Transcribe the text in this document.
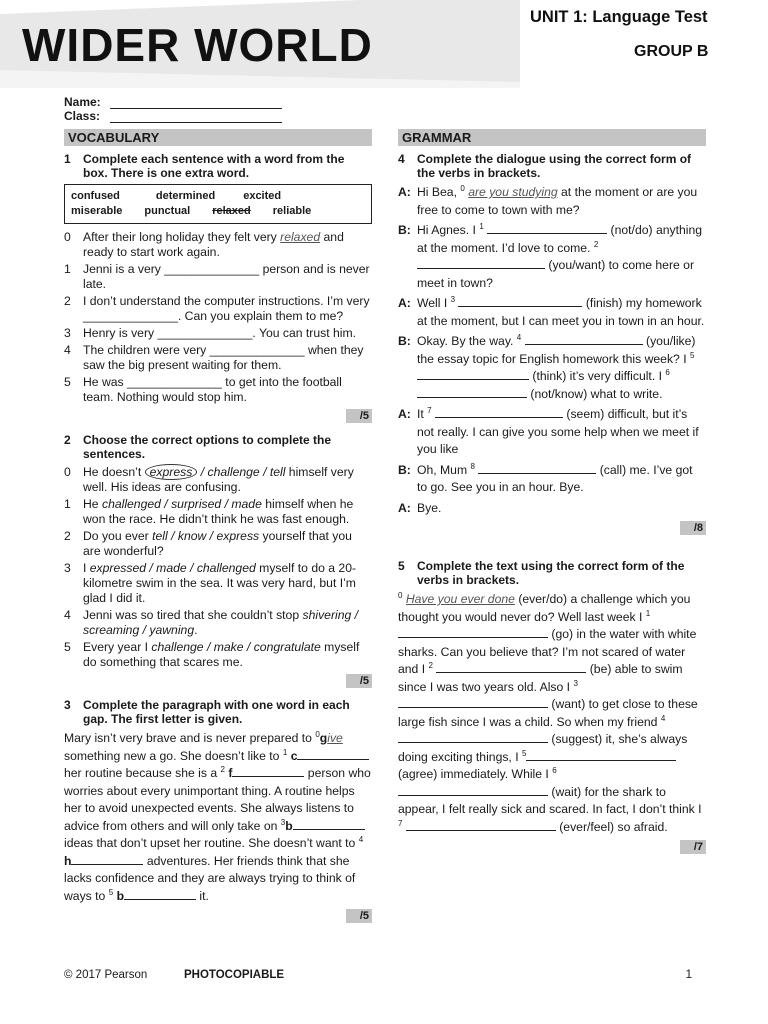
WIDER WORLD
UNIT 1: Language Test
GROUP B
Name:
Class:
VOCABULARY
1	Complete each sentence with a word from the box. There is one extra word.
confused	determined	excited
miserable punctual relaxed reliable
0	After their long holiday they felt very relaxed and ready to start work again.
1	Jenni is a very ______________ person and is never late.
2	I don’t understand the computer instructions. I’m very ______________. Can you explain them to me?
3	Henry is very ______________. You can trust him.
4	The children were very ______________ when they saw the big present waiting for them.
5	He was ______________ to get into the football team. Nothing would stop him.
/5
2	Choose the correct options to complete the sentences.
0	He doesn’t express / challenge / tell himself very well. His ideas are confusing.
1	He challenged / surprised / made himself when he won the race. He didn’t think he was fast enough.
2	Do you ever tell / know / express yourself that you are wonderful?
3	I expressed / made / challenged myself to do a 20-kilometre swim in the sea. It was very hard, but I’m glad I did it.
4	Jenni was so tired that she couldn’t stop shivering / screaming / yawning.
5	Every year I challenge / make / congratulate myself do something that scares me.
/5
3	Complete the paragraph with one word in each gap. The first letter is given.
Mary isn’t very brave and is never prepared to $^0$give something new a go. She doesn’t like to $^1$ c her routine because she is a $^2$ f	person who worries about every unimportant thing. A routine helps her to avoid unexpected events. She always listens to advice from others and will only take on $^3$b ideas that don’t upset her routine. She doesn’t want to $^4$ h	adventures. Her friends think that she lacks confidence and they are always trying to think of ways to $^5$ b	it.
/5
GRAMMAR
4	Complete the dialogue using the correct form of the verbs in brackets.
A: Hi Bea, $^0$ are you studying at the moment or are you free to come to town with me?
B: Hi Agnes. I $^1$	(not/do) anything at the moment. I’d love to come. $^2$  (you/want) to come here or meet in town?
A: Well I $^3$	(finish) my homework at the moment, but I can meet you in town in an hour.
B: Okay. By the way. $^4$	(you/like) the essay topic for English homework this week? I $^5$  (think) it’s very difficult. I $^6$  (not/know) what to write.
A: It $^7$	(seem) difficult, but it’s not really. I can give you some help when we meet if you like
B: Oh, Mum $^8$	(call) me. I’ve got to go. See you in an hour. Bye.
A: Bye.
/8
5	Complete the text using the correct form of the verbs in brackets.
$^0$ Have you ever done (ever/do) a challenge which you thought you would never do? Well last week I $^1$  (go) in the water with white sharks. Can you believe that? I’m not scared of water and I $^2$	(be) able to swim since I was two years old. Also I $^3$  (want) to get close to these large fish since I was a child. So when my friend $^4$  (suggest) it, she’s always doing exciting things, I $^5$ (agree) immediately. While I $^6$  (wait) for the shark to appear, I felt really sick and scared. In fact, I don’t think I $^7$	(ever/feel) so afraid.
/7
© 2017 Pearson	PHOTOCOPIABLE	1
